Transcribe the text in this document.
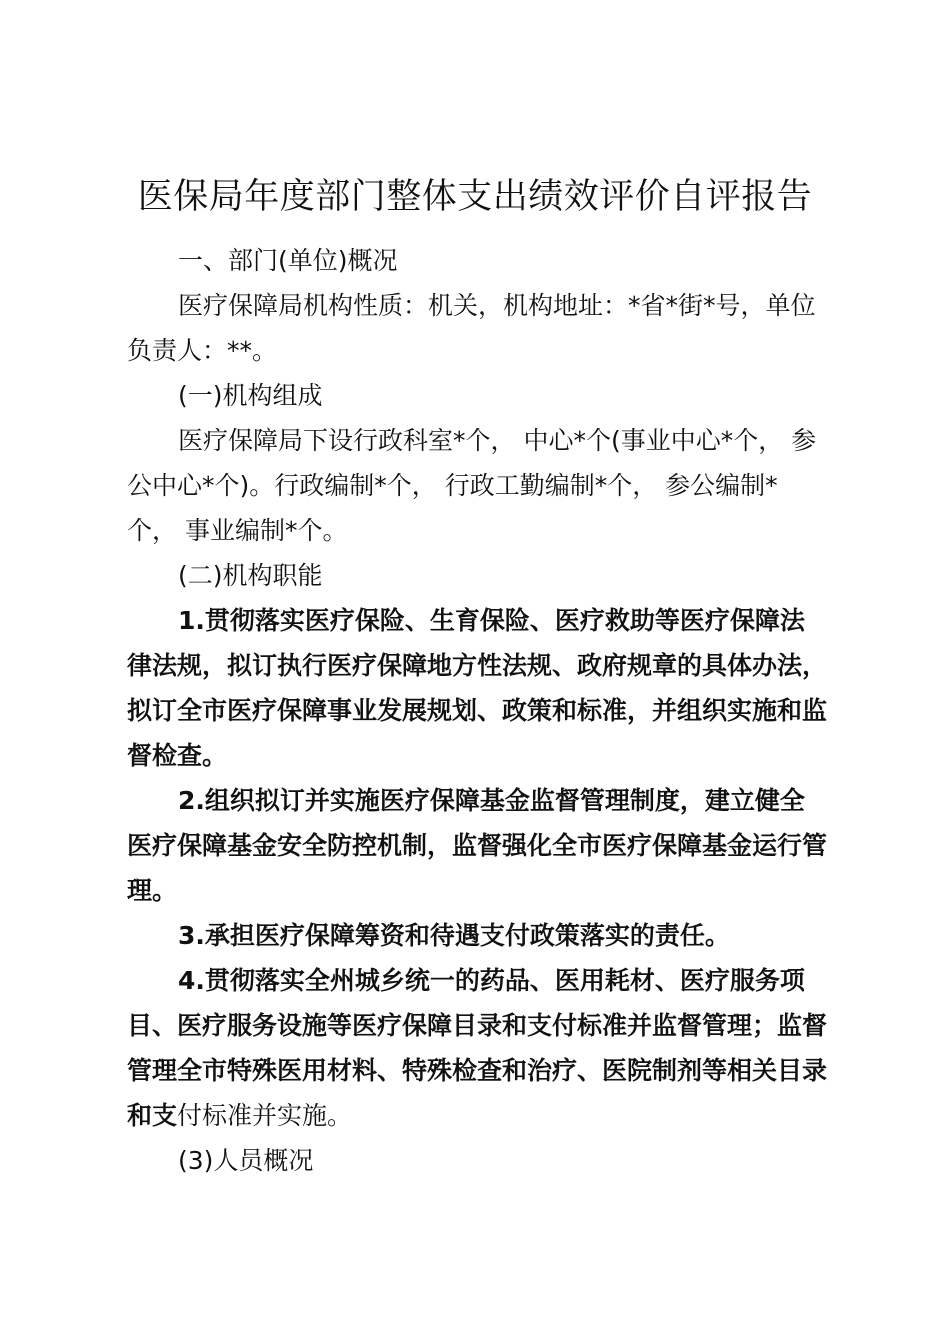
医保局年度部门整体支出绩效评价自评报告

一、部门(单位)概况

医疗保障局机构性质：机关，机构地址：*省*街*号，单位负责人：**。

(一)机构组成

医疗保障局下设行政科室*个， 中心*个(事业中心*个， 参公中心*个)。行政编制*个， 行政工勤编制*个， 参公编制*个， 事业编制*个。

(二)机构职能

1.贯彻落实医疗保险、生育保险、医疗救助等医疗保障法律法规，拟订执行医疗保障地方性法规、政府规章的具体办法，拟订全市医疗保障事业发展规划、政策和标准，并组织实施和监督检查。

2.组织拟订并实施医疗保障基金监督管理制度，建立健全医疗保障基金安全防控机制，监督强化全市医疗保障基金运行管理。

3.承担医疗保障筹资和待遇支付政策落实的责任。

4.贯彻落实全州城乡统一的药品、医用耗材、医疗服务项目、医疗服务设施等医疗保障目录和支付标准并监督管理；监督管理全市特殊医用材料、特殊检查和治疗、医院制剂等相关目录和支付标准并实施。

(3)人员概况
